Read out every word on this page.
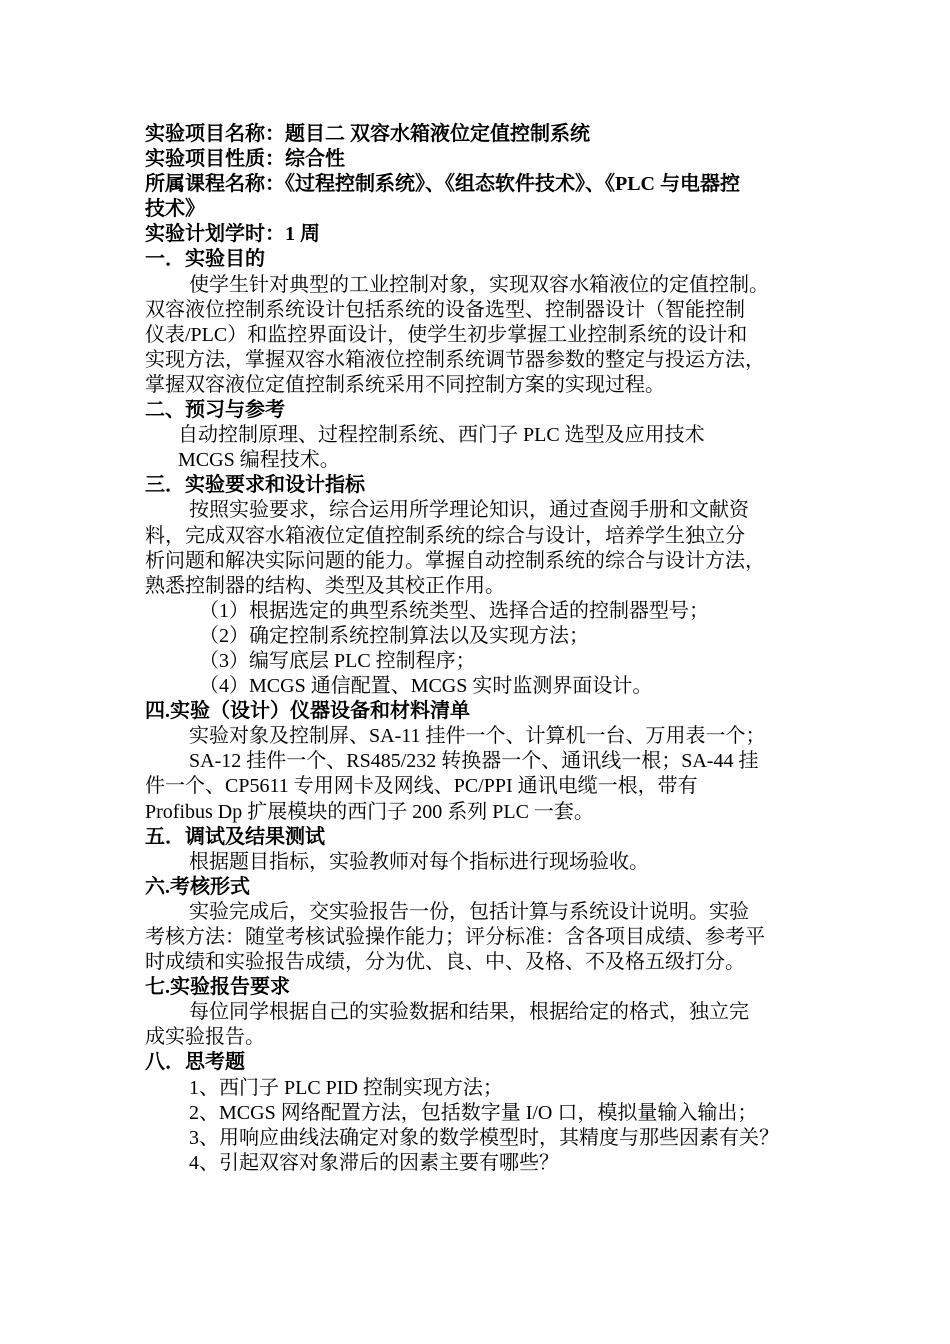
实验项目名称：题目二 双容水箱液位定值控制系统
实验项目性质：综合性
所属课程名称：《过程控制系统》、《组态软件技术》、《PLC 与电器控
技术》
实验计划学时：1 周
一．实验目的
使学生针对典型的工业控制对象，实现双容水箱液位的定值控制。
双容液位控制系统设计包括系统的设备选型、控制器设计（智能控制
仪表/PLC）和监控界面设计，使学生初步掌握工业控制系统的设计和
实现方法，掌握双容水箱液位控制系统调节器参数的整定与投运方法，
掌握双容液位定值控制系统采用不同控制方案的实现过程。
二、预习与参考
自动控制原理、过程控制系统、西门子 PLC 选型及应用技术
MCGS 编程技术。
三．实验要求和设计指标
按照实验要求，综合运用所学理论知识，通过查阅手册和文献资
料，完成双容水箱液位定值控制系统的综合与设计，培养学生独立分
析问题和解决实际问题的能力。掌握自动控制系统的综合与设计方法，
熟悉控制器的结构、类型及其校正作用。
（1）根据选定的典型系统类型、选择合适的控制器型号；
（2）确定控制系统控制算法以及实现方法；
（3）编写底层 PLC 控制程序；
（4）MCGS 通信配置、MCGS 实时监测界面设计。
四.实验（设计）仪器设备和材料清单
实验对象及控制屏、SA-11 挂件一个、计算机一台、万用表一个；
SA-12 挂件一个、RS485/232 转换器一个、通讯线一根；SA-44 挂
件一个、CP5611 专用网卡及网线、PC/PPI 通讯电缆一根，带有
Profibus Dp 扩展模块的西门子 200 系列 PLC 一套。
五．调试及结果测试
根据题目指标，实验教师对每个指标进行现场验收。
六.考核形式
实验完成后，交实验报告一份，包括计算与系统设计说明。实验
考核方法：随堂考核试验操作能力；评分标准：含各项目成绩、参考平
时成绩和实验报告成绩，分为优、良、中、及格、不及格五级打分。
七.实验报告要求
每位同学根据自己的实验数据和结果，根据给定的格式，独立完
成实验报告。
八．思考题
1、西门子 PLC PID 控制实现方法；
2、MCGS 网络配置方法，包括数字量 I/O 口，模拟量输入输出；
3、用响应曲线法确定对象的数学模型时，其精度与那些因素有关？
4、引起双容对象滞后的因素主要有哪些？
